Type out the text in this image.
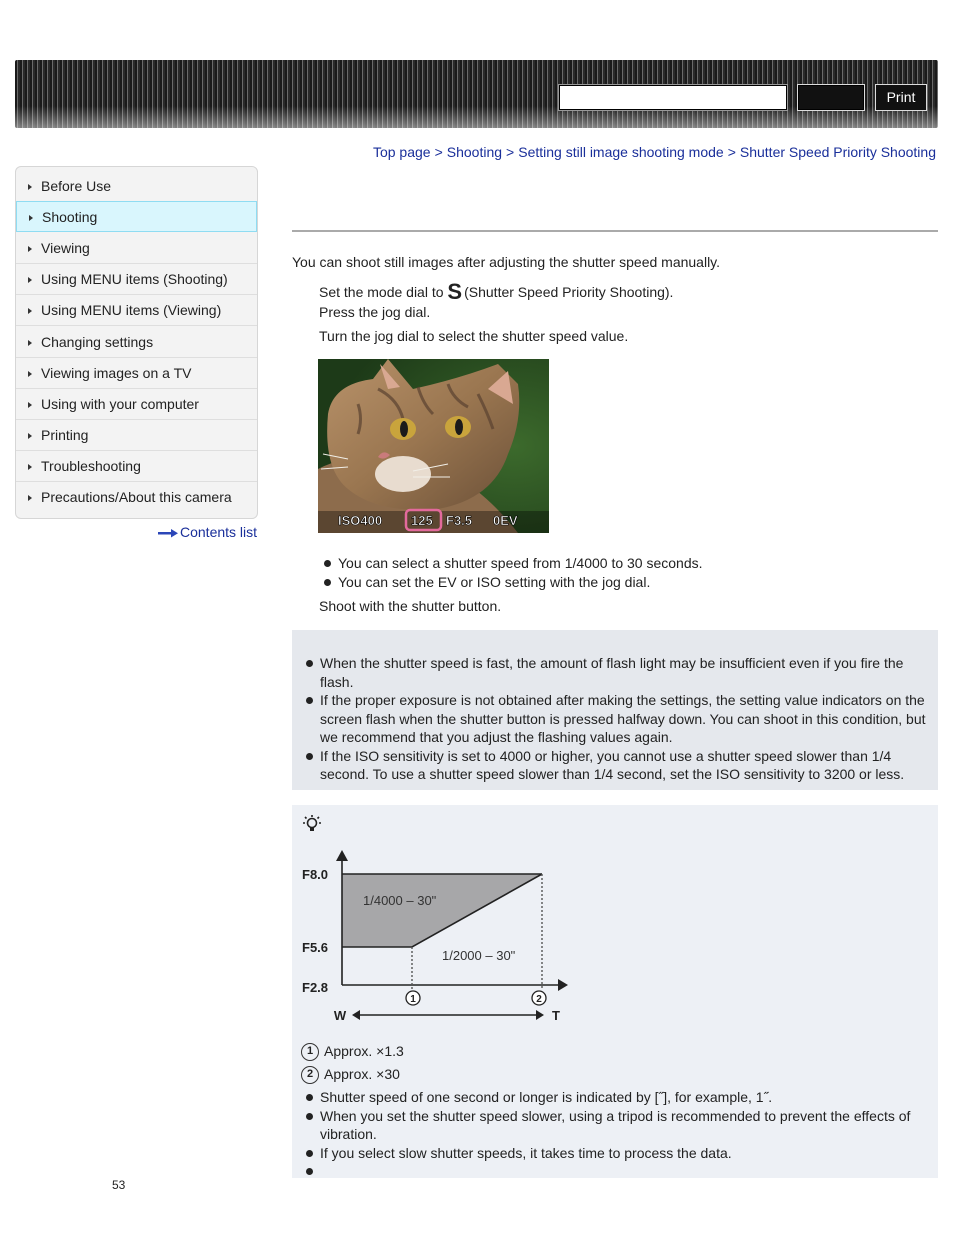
Print
Top page > Shooting > Setting still image shooting mode > Shutter Speed Priority Shooting
Before Use
Shooting
Viewing
Using MENU items (Shooting)
Using MENU items (Viewing)
Changing settings
Viewing images on a TV
Using with your computer
Printing
Troubleshooting
Precautions/About this camera
Contents list
You can shoot still images after adjusting the shutter speed manually.
Set the mode dial to S (Shutter Speed Priority Shooting).
Press the jog dial.
Turn the jog dial to select the shutter speed value.
ISO400 125 F3.5 0EV
You can select a shutter speed from 1/4000 to 30 seconds.
You can set the EV or ISO setting with the jog dial.
Shoot with the shutter button.
When the shutter speed is fast, the amount of flash light may be insufficient even if you fire the flash.
If the proper exposure is not obtained after making the settings, the setting value indicators on the screen flash when the shutter button is pressed halfway down. You can shoot in this condition, but we recommend that you adjust the flashing values again.
If the ISO sensitivity is set to 4000 or higher, you cannot use a shutter speed slower than 1/4 second. To use a shutter speed slower than 1/4 second, set the ISO sensitivity to 3200 or less.
F8.0
F5.6
F2.8
1/4000 – 30"
1/2000 – 30"
1	2
W	T
1 Approx. ×1.3
2 Approx. ×30
Shutter speed of one second or longer is indicated by [˝], for example, 1˝.
When you set the shutter speed slower, using a tripod is recommended to prevent the effects of vibration.
If you select slow shutter speeds, it takes time to process the data.

53
